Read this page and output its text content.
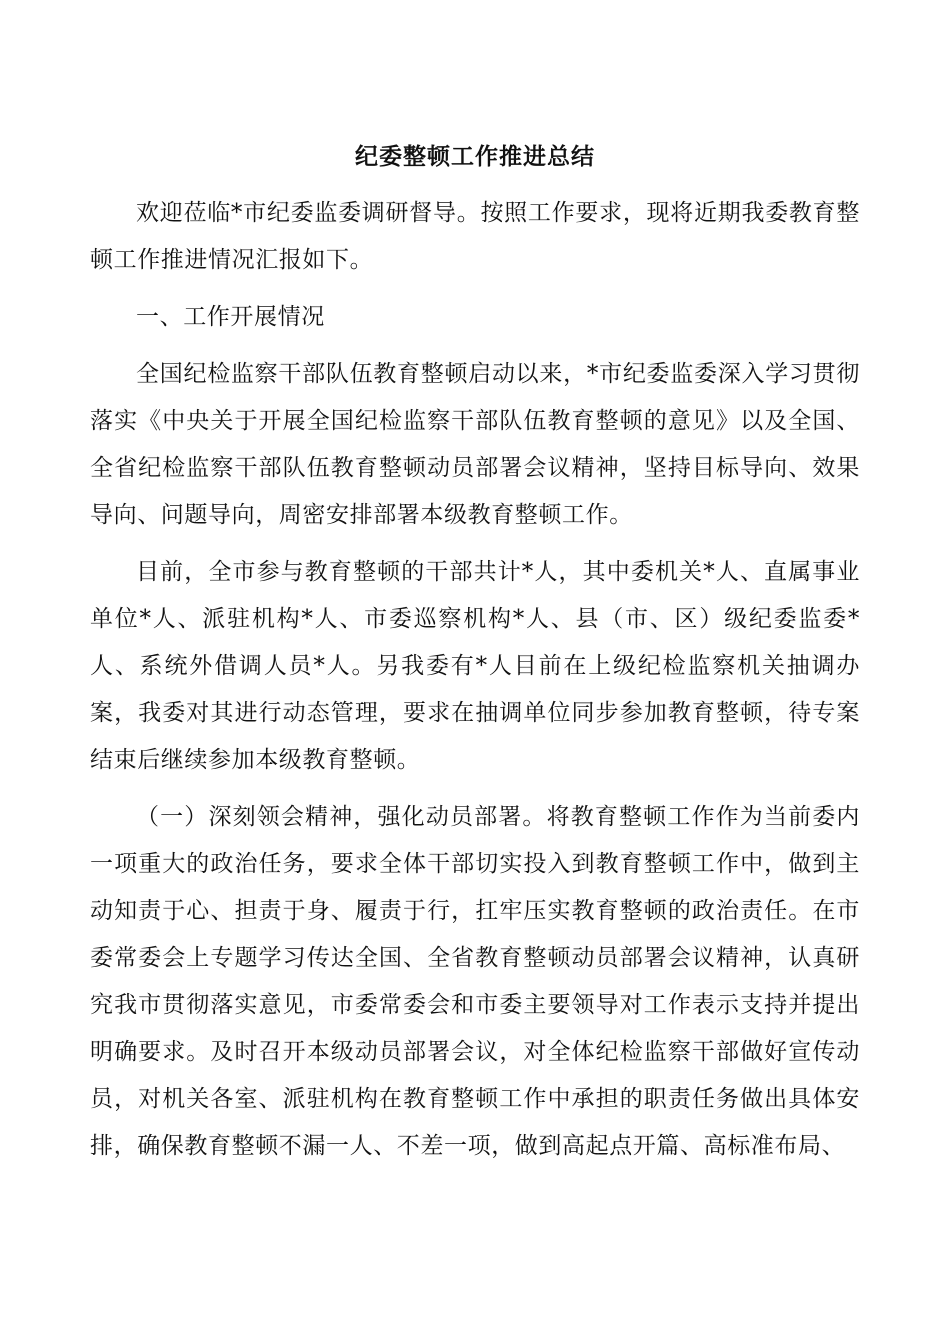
纪委整顿工作推进总结

欢迎莅临*市纪委监委调研督导。按照工作要求，现将近期我委教育整顿工作推进情况汇报如下。

一、工作开展情况

全国纪检监察干部队伍教育整顿启动以来，*市纪委监委深入学习贯彻落实《中央关于开展全国纪检监察干部队伍教育整顿的意见》以及全国、全省纪检监察干部队伍教育整顿动员部署会议精神，坚持目标导向、效果导向、问题导向，周密安排部署本级教育整顿工作。

目前，全市参与教育整顿的干部共计*人，其中委机关*人、直属事业单位*人、派驻机构*人、市委巡察机构*人、县（市、区）级纪委监委*人、系统外借调人员*人。另我委有*人目前在上级纪检监察机关抽调办案，我委对其进行动态管理，要求在抽调单位同步参加教育整顿，待专案结束后继续参加本级教育整顿。

（一）深刻领会精神，强化动员部署。将教育整顿工作作为当前委内一项重大的政治任务，要求全体干部切实投入到教育整顿工作中，做到主动知责于心、担责于身、履责于行，扛牢压实教育整顿的政治责任。在市委常委会上专题学习传达全国、全省教育整顿动员部署会议精神，认真研究我市贯彻落实意见，市委常委会和市委主要领导对工作表示支持并提出明确要求。及时召开本级动员部署会议，对全体纪检监察干部做好宣传动员，对机关各室、派驻机构在教育整顿工作中承担的职责任务做出具体安排，确保教育整顿不漏一人、不差一项，做到高起点开篇、高标准布局、
